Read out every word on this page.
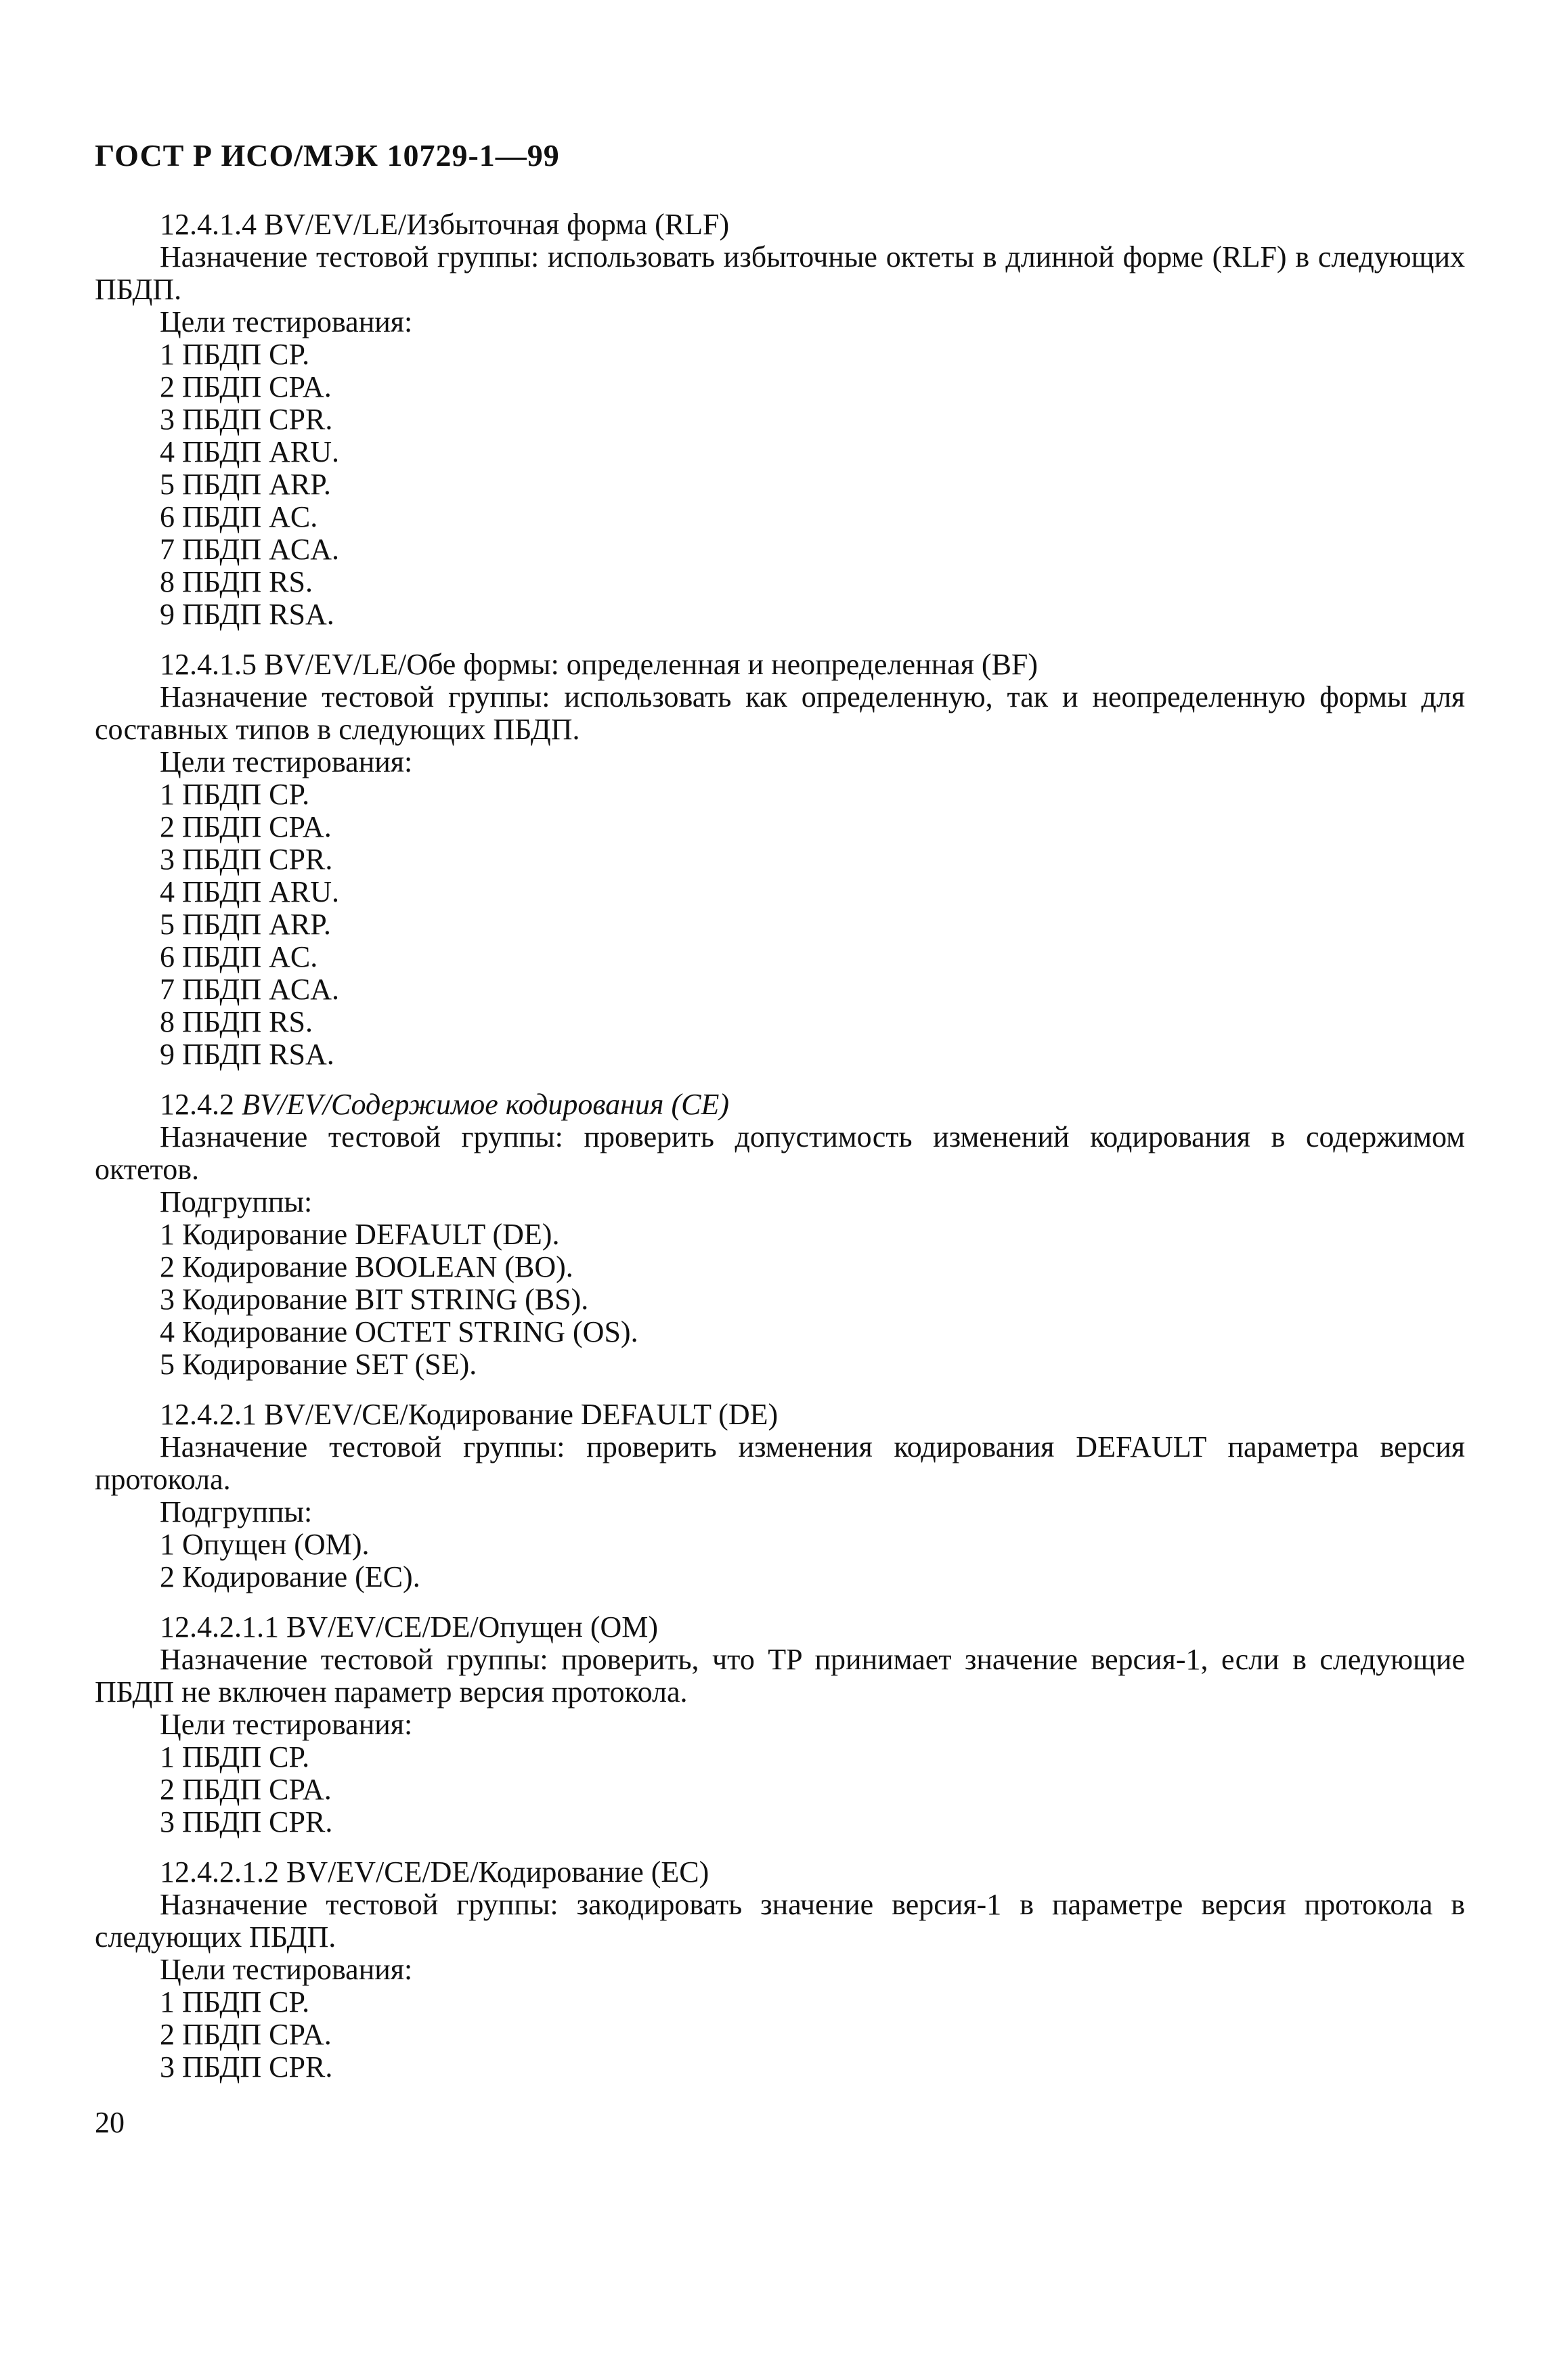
ГОСТ Р ИСО/МЭК 10729-1—99
12.4.1.4 BV/EV/LE/Избыточная форма (RLF)

Назначение тестовой группы: использовать избыточные октеты в длинной форме (RLF) в следующих ПБДП.

Цели тестирования:
1 ПБДП CP.
2 ПБДП CPA.
3 ПБДП CPR.
4 ПБДП ARU.
5 ПБДП ARP.
6 ПБДП AC.
7 ПБДП ACA.
8 ПБДП RS.
9 ПБДП RSA.
12.4.1.5 BV/EV/LE/Обе формы: определенная и неопределенная (BF)

Назначение тестовой группы: использовать как определенную, так и неопределенную формы для составных типов в следующих ПБДП.

Цели тестирования:
1 ПБДП CP.
2 ПБДП CPA.
3 ПБДП CPR.
4 ПБДП ARU.
5 ПБДП ARP.
6 ПБДП AC.
7 ПБДП ACA.
8 ПБДП RS.
9 ПБДП RSA.
12.4.2 BV/EV/Содержимое кодирования (CE)

Назначение тестовой группы: проверить допустимость изменений кодирования в содержимом октетов.

Подгруппы:
1 Кодирование DEFAULT (DE).
2 Кодирование BOOLEAN (BO).
3 Кодирование BIT STRING (BS).
4 Кодирование OCTET STRING (OS).
5 Кодирование SET (SE).
12.4.2.1 BV/EV/CE/Кодирование DEFAULT (DE)

Назначение тестовой группы: проверить изменения кодирования DEFAULT параметра версия протокола.

Подгруппы:
1 Опущен (OM).
2 Кодирование (EC).
12.4.2.1.1 BV/EV/CE/DE/Опущен (OM)

Назначение тестовой группы: проверить, что TP принимает значение версия-1, если в следующие ПБДП не включен параметр версия протокола.

Цели тестирования:
1 ПБДП CP.
2 ПБДП CPA.
3 ПБДП CPR.
12.4.2.1.2 BV/EV/CE/DE/Кодирование (EC)

Назначение тестовой группы: закодировать значение версия-1 в параметре версия протокола в следующих ПБДП.

Цели тестирования:
1 ПБДП CP.
2 ПБДП CPA.
3 ПБДП CPR.
20
